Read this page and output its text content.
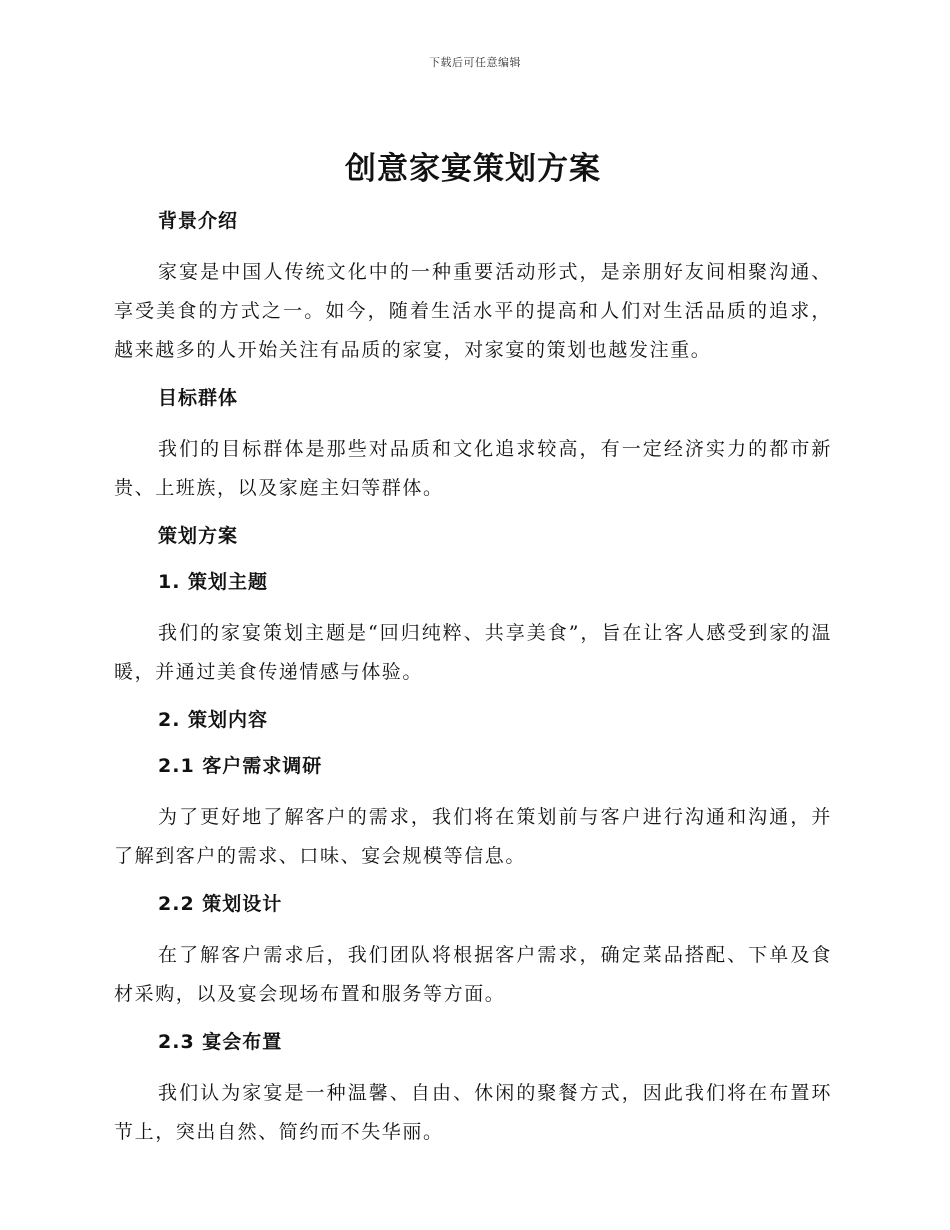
下载后可任意编辑
创意家宴策划方案
背景介绍

家宴是中国人传统文化中的一种重要活动形式，是亲朋好友间相聚沟通、享受美食的方式之一。如今，随着生活水平的提高和人们对生活品质的追求，越来越多的人开始关注有品质的家宴，对家宴的策划也越发注重。

目标群体

我们的目标群体是那些对品质和文化追求较高，有一定经济实力的都市新贵、上班族，以及家庭主妇等群体。

策划方案
1. 策划主题

我们的家宴策划主题是“回归纯粹、共享美食”，旨在让客人感受到家的温暖，并通过美食传递情感与体验。

2. 策划内容
2.1 客户需求调研

为了更好地了解客户的需求，我们将在策划前与客户进行沟通和沟通，并了解到客户的需求、口味、宴会规模等信息。

2.2 策划设计

在了解客户需求后，我们团队将根据客户需求，确定菜品搭配、下单及食材采购，以及宴会现场布置和服务等方面。

2.3 宴会布置

我们认为家宴是一种温馨、自由、休闲的聚餐方式，因此我们将在布置环节上，突出自然、简约而不失华丽。
